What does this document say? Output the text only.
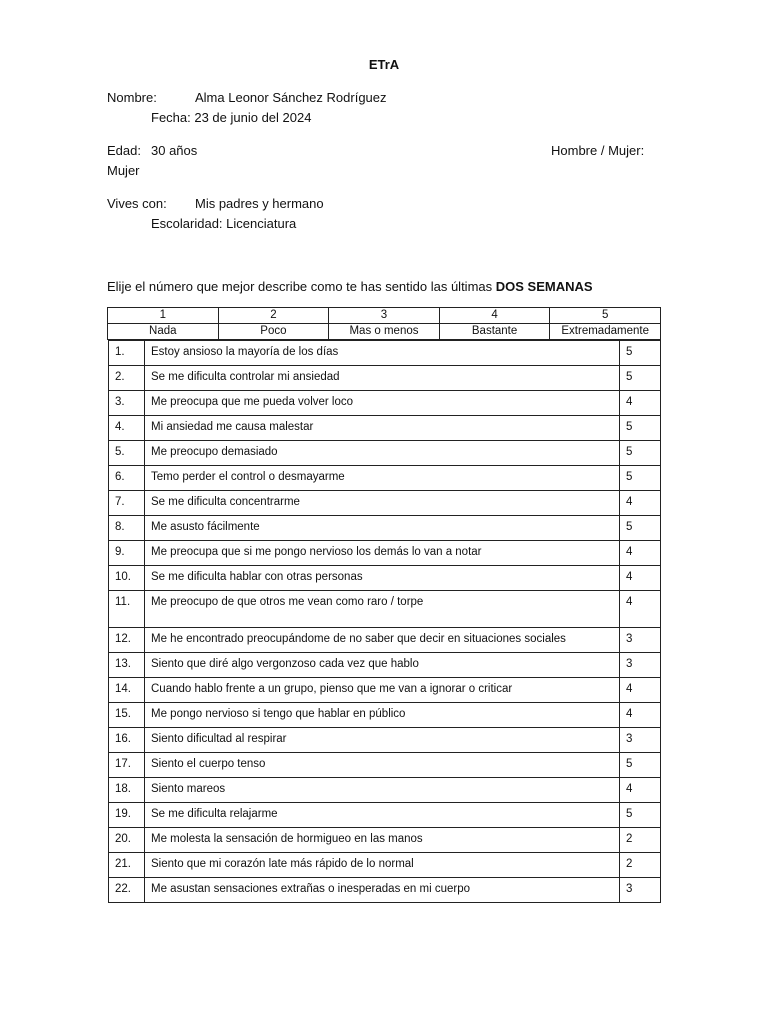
ETrA
Nombre:	Alma Leonor Sánchez Rodríguez
Fecha: 23 de junio del 2024
Edad: 30 años	Hombre / Mujer:
Mujer
Vives con: Mis padres y hermano
Escolaridad: Licenciatura
Elije el número que mejor describe como te has sentido las últimas DOS SEMANAS
1	2	3	4	5
Nada	Poco	Mas o menos	Bastante	Extremadamente
1.	Estoy ansioso la mayoría de los días	5
2.	Se me dificulta controlar mi ansiedad	5
3.	Me preocupa que me pueda volver loco	4
4.	Mi ansiedad me causa malestar	5
5.	Me preocupo demasiado	5
6.	Temo perder el control o desmayarme	5
7.	Se me dificulta concentrarme	4
8.	Me asusto fácilmente	5
9.	Me preocupa que si me pongo nervioso los demás lo van a notar	4
10.	Se me dificulta hablar con otras personas	4
11.	Me preocupo de que otros me vean como raro / torpe	4
12.	Me he encontrado preocupándome de no saber que decir en situaciones sociales	3
13.	Siento que diré algo vergonzoso cada vez que hablo	3
14.	Cuando hablo frente a un grupo, pienso que me van a ignorar o criticar	4
15.	Me pongo nervioso si tengo que hablar en público	4
16.	Siento dificultad al respirar	3
17.	Siento el cuerpo tenso	5
18.	Siento mareos	4
19.	Se me dificulta relajarme	5
20.	Me molesta la sensación de hormigueo en las manos	2
21.	Siento que mi corazón late más rápido de lo normal	2
22.	Me asustan sensaciones extrañas o inesperadas en mi cuerpo	3
